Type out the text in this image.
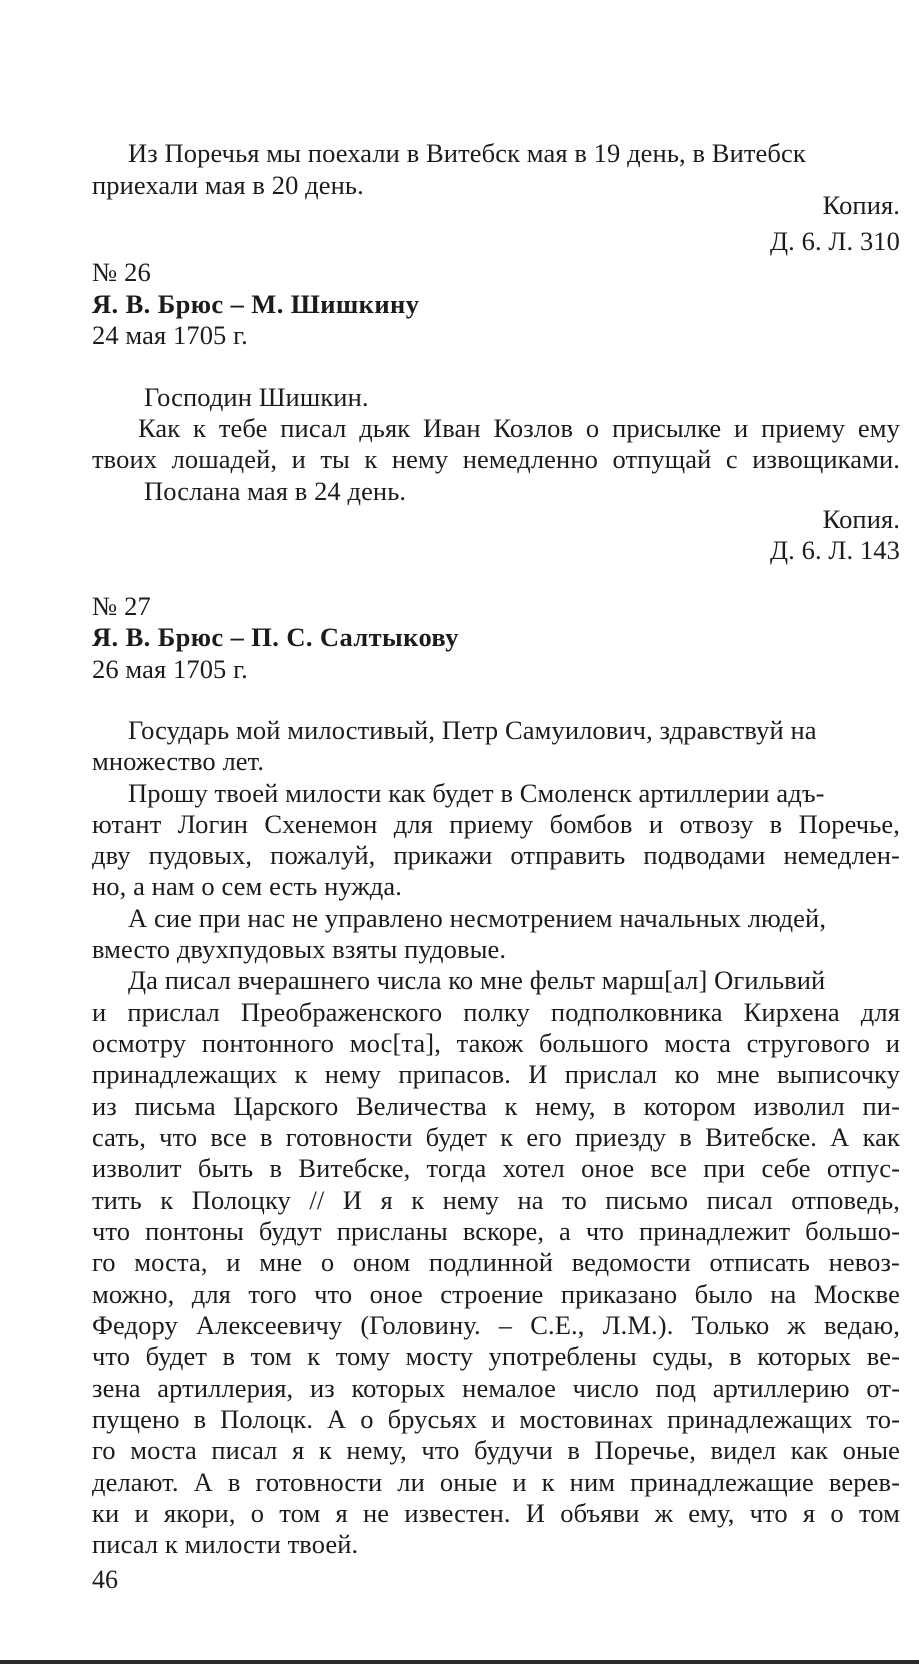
Из Поречья мы поехали в Витебск мая в 19 день, в Витебск
приехали мая в 20 день.
Копия.
Д. 6. Л. 310
№ 26
Я. В. Брюс – М. Шишкину
24 мая 1705 г.
Господин Шишкин.
Как к тебе писал дьяк Иван Козлов о присылке и приему ему
твоих лошадей, и ты к нему немедленно отпущай с извощиками.
Послана мая в 24 день.
Копия.
Д. 6. Л. 143
№ 27
Я. В. Брюс – П. С. Салтыкову
26 мая 1705 г.
Государь мой милостивый, Петр Самуилович, здравствуй на
множество лет.
Прошу твоей милости как будет в Смоленск артиллерии адъ-
ютант Логин Схенемон для приему бомбов и отвозу в Поречье,
дву пудовых, пожалуй, прикажи отправить подводами немедлен-
но, а нам о сем есть нужда.
А сие при нас не управлено несмотрением начальных людей,
вместо двухпудовых взяты пудовые.
Да писал вчерашнего числа ко мне фельт марш[ал] Огильвий
и прислал Преображенского полку подполковника Кирхена для
осмотру понтонного мос[та], також большого моста стругового и
принадлежащих к нему припасов. И прислал ко мне выписочку
из письма Царского Величества к нему, в котором изволил пи-
сать, что все в готовности будет к его приезду в Витебске. А как
изволит быть в Витебске, тогда хотел оное все при себе отпус-
тить к Полоцку // И я к нему на то письмо писал отповедь,
что понтоны будут присланы вскоре, а что принадлежит большо-
го моста, и мне о оном подлинной ведомости отписать невоз-
можно, для того что оное строение приказано было на Москве
Федору Алексеевичу (Головину. – С.Е., Л.М.). Только ж ведаю,
что будет в том к тому мосту употреблены суды, в которых ве-
зена артиллерия, из которых немалое число под артиллерию от-
пущено в Полоцк. А о брусьях и мостовинах принадлежащих то-
го моста писал я к нему, что будучи в Поречье, видел как оные
делают. А в готовности ли оные и к ним принадлежащие верев-
ки и якори, о том я не известен. И объяви ж ему, что я о том
писал к милости твоей.
46
